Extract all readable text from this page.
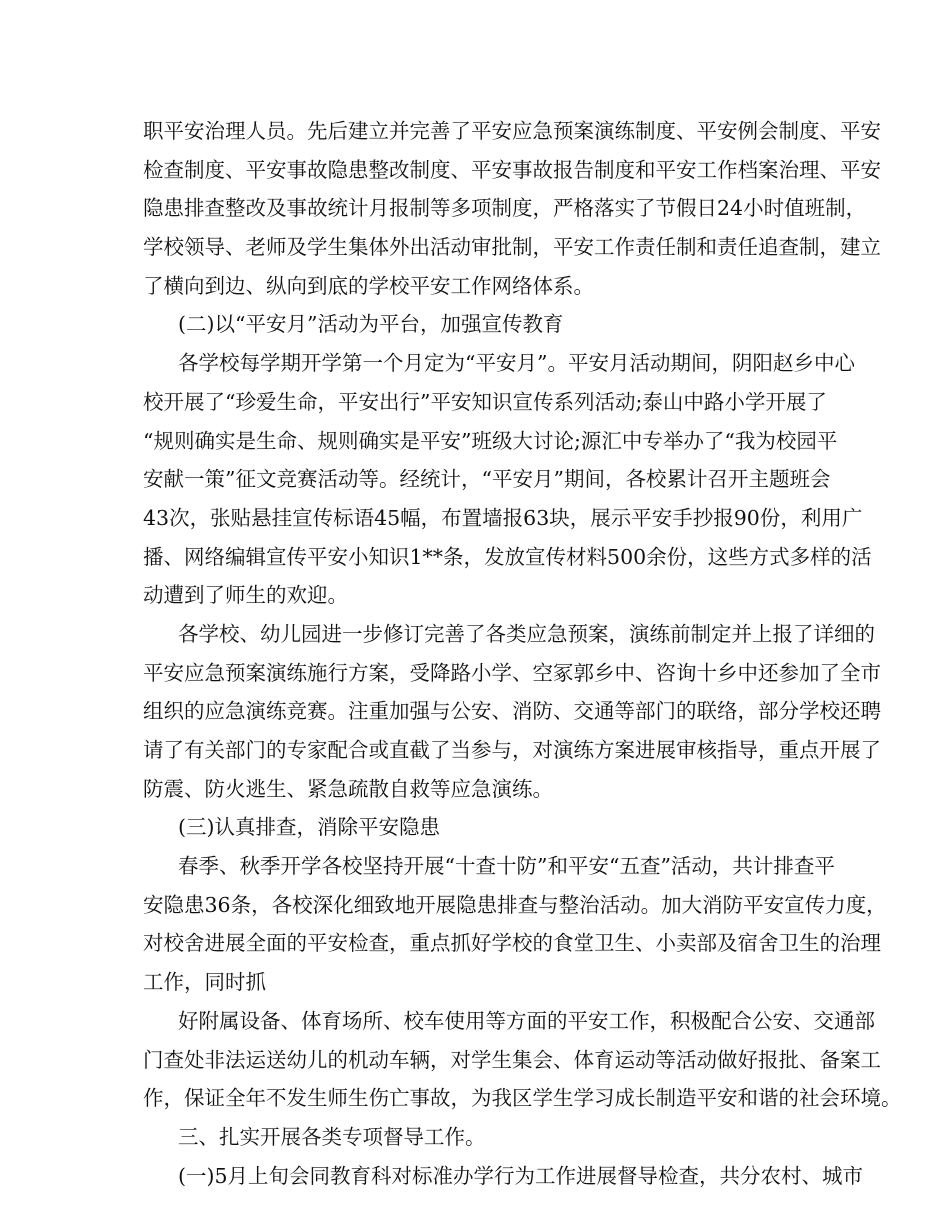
职平安治理人员。先后建立并完善了平安应急预案演练制度、平安例会制度、平安
检查制度、平安事故隐患整改制度、平安事故报告制度和平安工作档案治理、平安
隐患排查整改及事故统计月报制等多项制度，严格落实了节假日24小时值班制，
学校领导、老师及学生集体外出活动审批制，平安工作责任制和责任追查制，建立
了横向到边、纵向到底的学校平安工作网络体系。
(二)以“平安月”活动为平台，加强宣传教育
各学校每学期开学第一个月定为“平安月”。平安月活动期间，阴阳赵乡中心
校开展了“珍爱生命，平安出行”平安知识宣传系列活动;泰山中路小学开展了
“规则确实是生命、规则确实是平安”班级大讨论;源汇中专举办了“我为校园平
安献一策”征文竞赛活动等。经统计，“平安月”期间，各校累计召开主题班会
43次，张贴悬挂宣传标语45幅，布置墙报63块，展示平安手抄报90份，利用广
播、网络编辑宣传平安小知识1**条，发放宣传材料500余份，这些方式多样的活
动遭到了师生的欢迎。
各学校、幼儿园进一步修订完善了各类应急预案，演练前制定并上报了详细的
平安应急预案演练施行方案，受降路小学、空冢郭乡中、咨询十乡中还参加了全市
组织的应急演练竞赛。注重加强与公安、消防、交通等部门的联络，部分学校还聘
请了有关部门的专家配合或直截了当参与，对演练方案进展审核指导，重点开展了
防震、防火逃生、紧急疏散自救等应急演练。
(三)认真排查，消除平安隐患
春季、秋季开学各校坚持开展“十查十防”和平安“五查”活动，共计排查平
安隐患36条，各校深化细致地开展隐患排查与整治活动。加大消防平安宣传力度，
对校舍进展全面的平安检查，重点抓好学校的食堂卫生、小卖部及宿舍卫生的治理
工作，同时抓
好附属设备、体育场所、校车使用等方面的平安工作，积极配合公安、交通部
门查处非法运送幼儿的机动车辆，对学生集会、体育运动等活动做好报批、备案工
作，保证全年不发生师生伤亡事故，为我区学生学习成长制造平安和谐的社会环境。
三、扎实开展各类专项督导工作。
(一)5月上旬会同教育科对标准办学行为工作进展督导检查，共分农村、城市
